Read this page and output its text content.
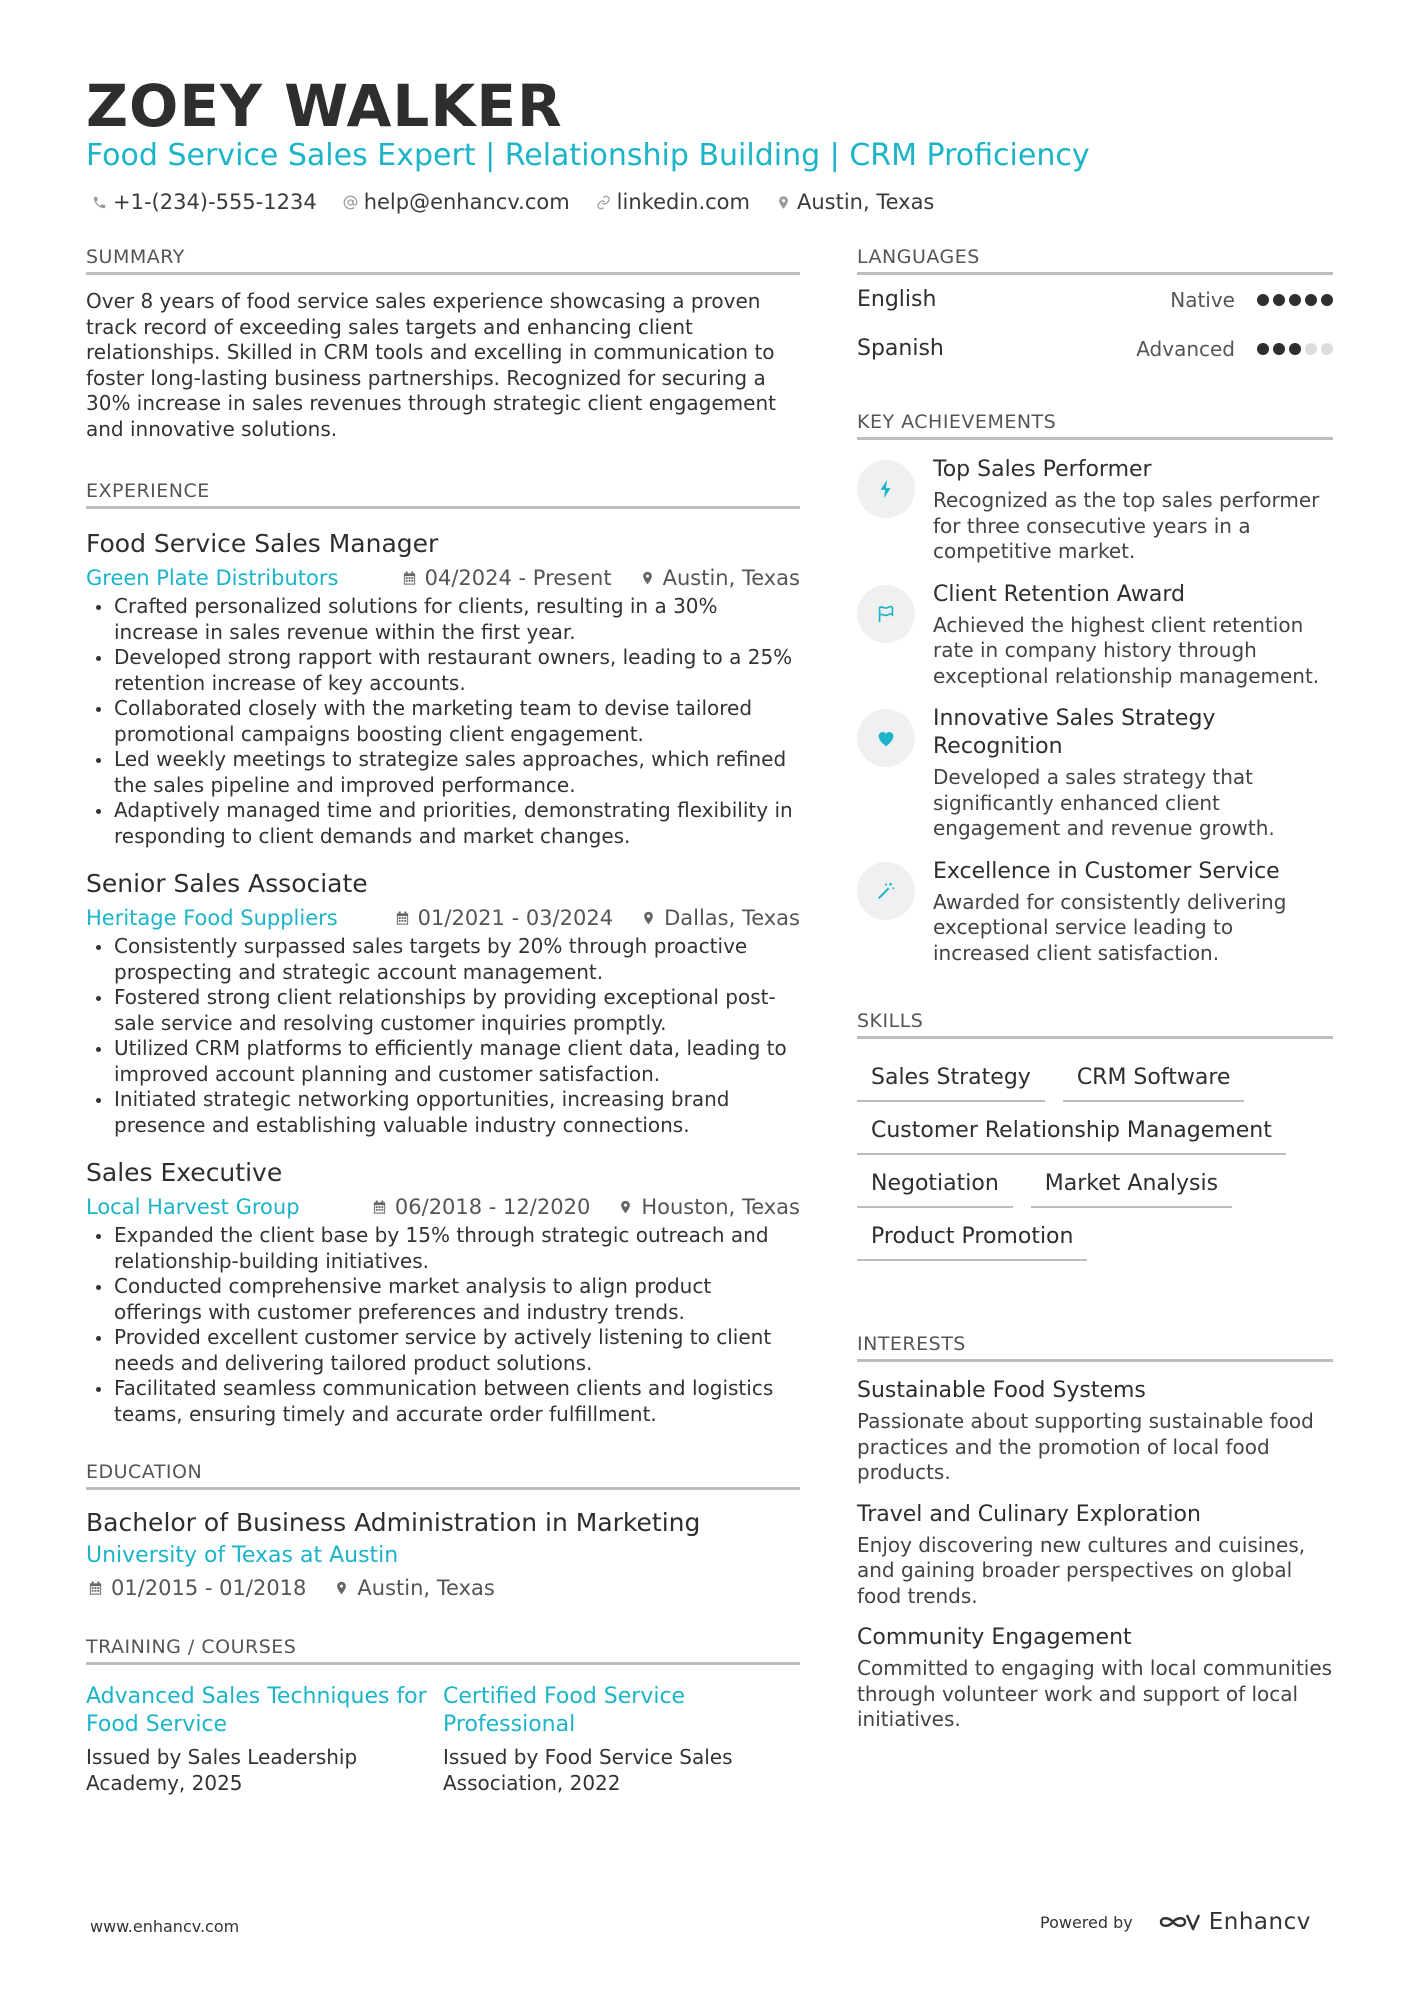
ZOEY WALKER
Food Service Sales Expert | Relationship Building | CRM Proficiency
+1-(234)-555-1234 help@enhancv.com linkedin.com Austin, Texas
SUMMARY

Over 8 years of food service sales experience showcasing a proven track record of exceeding sales targets and enhancing client relationships. Skilled in CRM tools and excelling in communication to foster long-lasting business partnerships. Recognized for securing a 30% increase in sales revenues through strategic client engagement and innovative solutions.

EXPERIENCE
Food Service Sales Manager
Green Plate Distributors	04/2024 - Present Austin, Texas
Crafted personalized solutions for clients, resulting in a 30% increase in sales revenue within the first year.
Developed strong rapport with restaurant owners, leading to a 25% retention increase of key accounts.
Collaborated closely with the marketing team to devise tailored promotional campaigns boosting client engagement.
Led weekly meetings to strategize sales approaches, which refined the sales pipeline and improved performance.
Adaptively managed time and priorities, demonstrating flexibility in responding to client demands and market changes.
Senior Sales Associate
Heritage Food Suppliers	01/2021 - 03/2024 Dallas, Texas
Consistently surpassed sales targets by 20% through proactive prospecting and strategic account management.
Fostered strong client relationships by providing exceptional post-sale service and resolving customer inquiries promptly.
Utilized CRM platforms to efficiently manage client data, leading to improved account planning and customer satisfaction.
Initiated strategic networking opportunities, increasing brand presence and establishing valuable industry connections.
Sales Executive
Local Harvest Group	06/2018 - 12/2020 Houston, Texas
Expanded the client base by 15% through strategic outreach and relationship-building initiatives.
Conducted comprehensive market analysis to align product offerings with customer preferences and industry trends.
Provided excellent customer service by actively listening to client needs and delivering tailored product solutions.
Facilitated seamless communication between clients and logistics teams, ensuring timely and accurate order fulfillment.
EDUCATION
Bachelor of Business Administration in Marketing
University of Texas at Austin
01/2015 - 01/2018 Austin, Texas
TRAINING / COURSES
Advanced Sales Techniques for Food Service
Issued by Sales Leadership Academy, 2025
Certified Food Service Professional
Issued by Food Service Sales Association, 2022
LANGUAGES
English	Native
Spanish	Advanced
KEY ACHIEVEMENTS
Top Sales Performer
Recognized as the top sales performer for three consecutive years in a competitive market.
Client Retention Award
Achieved the highest client retention rate in company history through exceptional relationship management.
Innovative Sales Strategy Recognition
Developed a sales strategy that significantly enhanced client engagement and revenue growth.
Excellence in Customer Service
Awarded for consistently delivering exceptional service leading to increased client satisfaction.
SKILLS
Sales Strategy	CRM Software
Customer Relationship Management
Negotiation	Market Analysis
Product Promotion
INTERESTS
Sustainable Food Systems
Passionate about supporting sustainable food practices and the promotion of local food products.
Travel and Culinary Exploration
Enjoy discovering new cultures and cuisines, and gaining broader perspectives on global food trends.
Community Engagement
Committed to engaging with local communities through volunteer work and support of local initiatives.
www.enhancv.com	Powered by	Enhancv
